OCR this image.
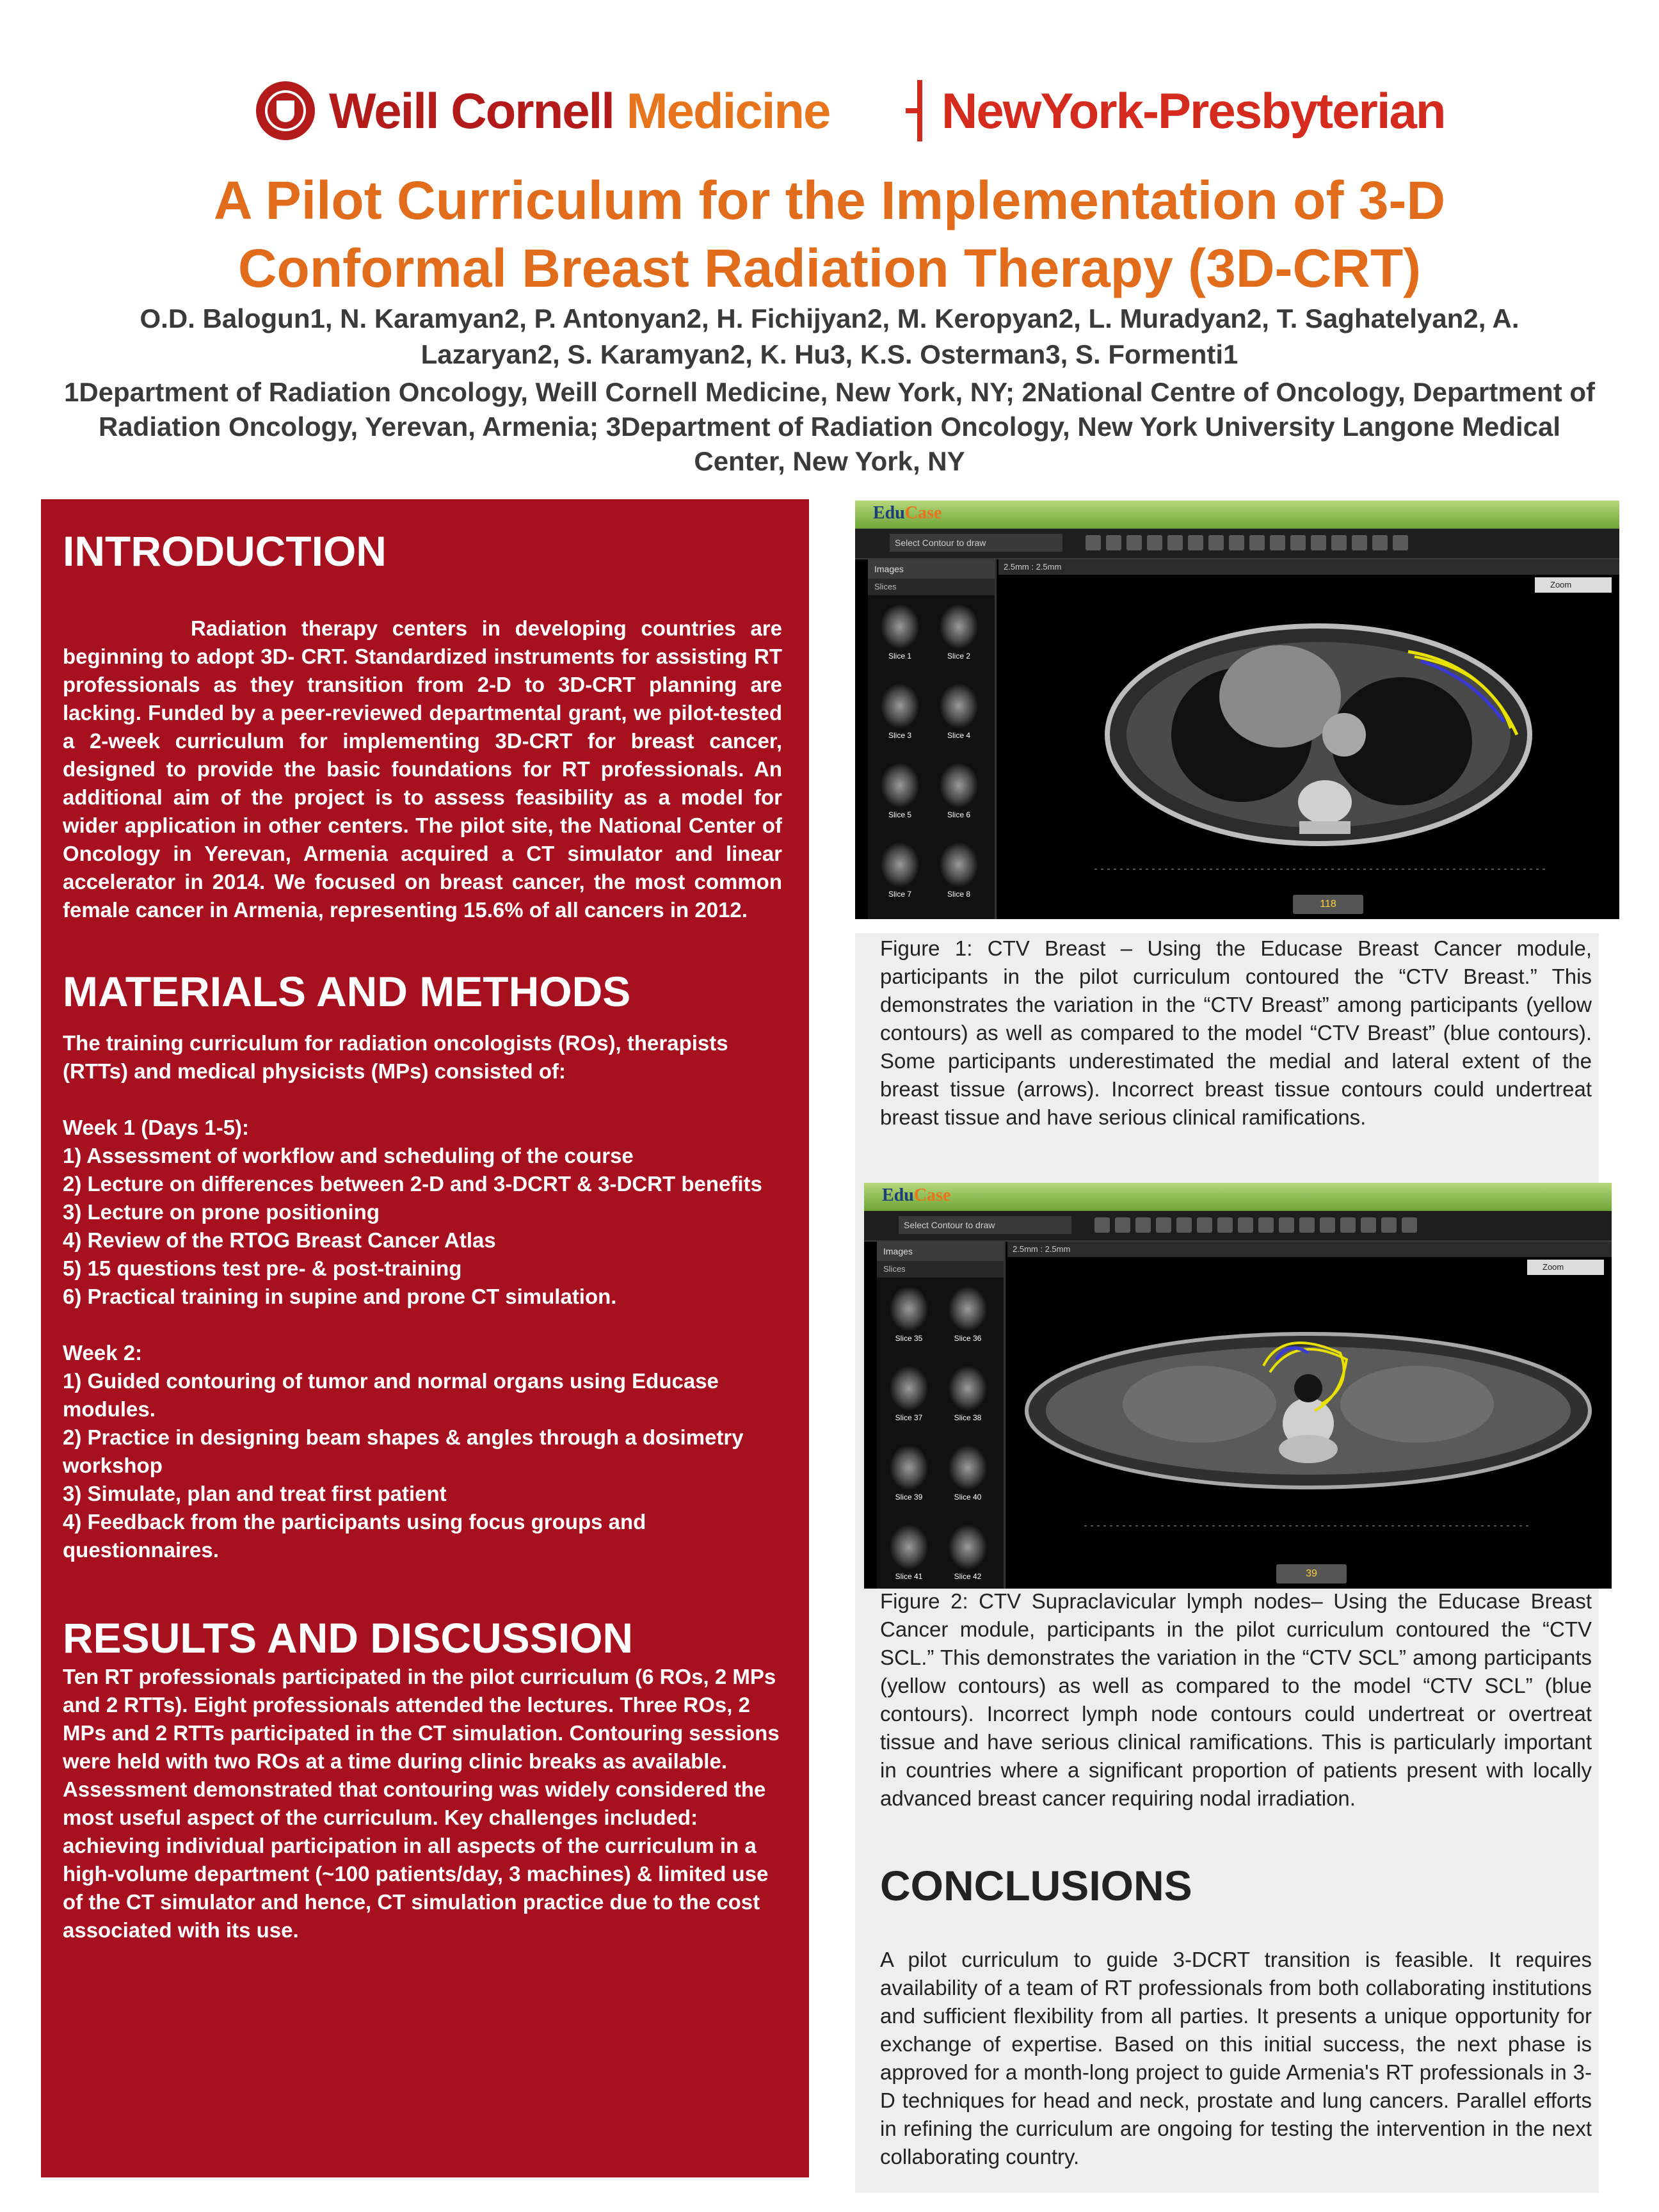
Weill Cornell Medicine NewYork-Presbyterian
A Pilot Curriculum for the Implementation of 3-D Conformal Breast Radiation Therapy (3D-CRT)
O.D. Balogun1, N. Karamyan2, P. Antonyan2, H. Fichijyan2, M. Keropyan2, L. Muradyan2, T. Saghatelyan2, A. Lazaryan2, S. Karamyan2, K. Hu3, K.S. Osterman3, S. Formenti1
1Department of Radiation Oncology, Weill Cornell Medicine, New York, NY; 2National Centre of Oncology, Department of Radiation Oncology, Yerevan, Armenia; 3Department of Radiation Oncology, New York University Langone Medical Center, New York, NY
INTRODUCTION

Radiation therapy centers in developing countries are beginning to adopt 3D- CRT. Standardized instruments for assisting RT professionals as they transition from 2-D to 3D-CRT planning are lacking. Funded by a peer-reviewed departmental grant, we pilot-tested a 2-week curriculum for implementing 3D-CRT for breast cancer, designed to provide the basic foundations for RT professionals. An additional aim of the project is to assess feasibility as a model for wider application in other centers. The pilot site, the National Center of Oncology in Yerevan, Armenia acquired a CT simulator and linear accelerator in 2014. We focused on breast cancer, the most common female cancer in Armenia, representing 15.6% of all cancers in 2012.

MATERIALS AND METHODS

The training curriculum for radiation oncologists (ROs), therapists (RTTs) and medical physicists (MPs) consisted of:

Week 1 (Days 1-5):

1) Assessment of workflow and scheduling of the course

2) Lecture on differences between 2-D and 3-DCRT & 3-DCRT benefits

3) Lecture on prone positioning

4) Review of the RTOG Breast Cancer Atlas

5) 15 questions test pre- & post-training

6) Practical training in supine and prone CT simulation.

Week 2:

1) Guided contouring of tumor and normal organs using Educase modules.

2) Practice in designing beam shapes & angles through a dosimetry workshop

3) Simulate, plan and treat first patient

4) Feedback from the participants using focus groups and questionnaires.

RESULTS AND DISCUSSION

Ten RT professionals participated in the pilot curriculum (6 ROs, 2 MPs and 2 RTTs). Eight professionals attended the lectures. Three ROs, 2 MPs and 2 RTTs participated in the CT simulation. Contouring sessions were held with two ROs at a time during clinic breaks as available. Assessment demonstrated that contouring was widely considered the most useful aspect of the curriculum. Key challenges included: achieving individual participation in all aspects of the curriculum in a high-volume department (~100 patients/day, 3 machines) & limited use of the CT simulator and hence, CT simulation practice due to the cost associated with its use.

EduCase
Select Contour to draw
Images
Slices
Slice 1	Slice 2
Slice 3	Slice 4
Slice 5	Slice 6
Slice 7	Slice 8
2.5mm : 2.5mm
Zoom
118
Figure 1: CTV Breast – Using the Educase Breast Cancer module, participants in the pilot curriculum contoured the “CTV Breast.” This demonstrates the variation in the “CTV Breast” among participants (yellow contours) as well as compared to the model “CTV Breast” (blue contours). Some participants underestimated the medial and lateral extent of the breast tissue (arrows). Incorrect breast tissue contours could undertreat breast tissue and have serious clinical ramifications.
EduCase
Select Contour to draw
Images
Slices
Slice 35	Slice 36
Slice 37	Slice 38
Slice 39	Slice 40
Slice 41	Slice 42
2.5mm : 2.5mm
Zoom
39
Figure 2: CTV Supraclavicular lymph nodes– Using the Educase Breast Cancer module, participants in the pilot curriculum contoured the “CTV SCL.” This demonstrates the variation in the “CTV SCL” among participants (yellow contours) as well as compared to the model “CTV SCL” (blue contours). Incorrect lymph node contours could undertreat or overtreat tissue and have serious clinical ramifications. This is particularly important in countries where a significant proportion of patients present with locally advanced breast cancer requiring nodal irradiation.
CONCLUSIONS
A pilot curriculum to guide 3-DCRT transition is feasible. It requires availability of a team of RT professionals from both collaborating institutions and sufficient flexibility from all parties. It presents a unique opportunity for exchange of expertise. Based on this initial success, the next phase is approved for a month-long project to guide Armenia's RT professionals in 3-D techniques for head and neck, prostate and lung cancers. Parallel efforts in refining the curriculum are ongoing for testing the intervention in the next collaborating country.
